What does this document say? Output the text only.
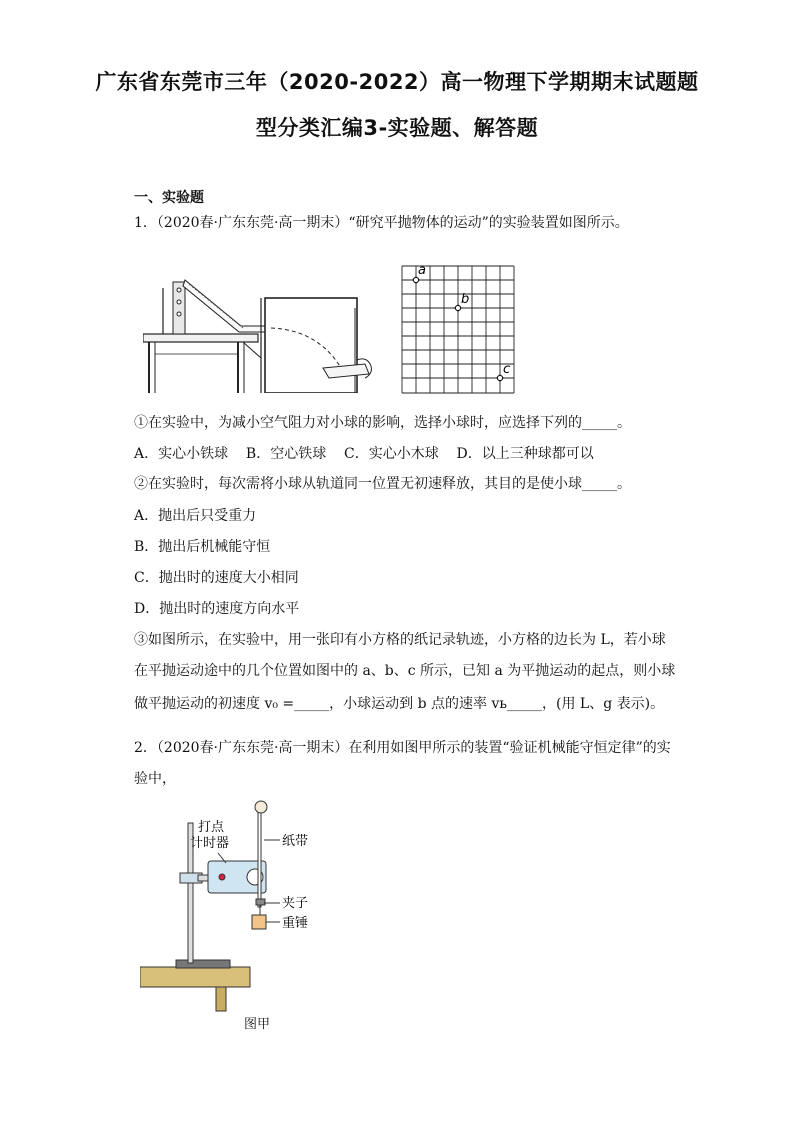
广东省东莞市三年（2020-2022）高一物理下学期期末试题题
型分类汇编3-实验题、解答题
一、实验题
1．（2020春·广东东莞·高一期末）“研究平抛物体的运动”的实验装置如图所示。
a
b
c
①在实验中，为减小空气阻力对小球的影响，选择小球时，应选择下列的_____。
A．实心小铁球    B．空心铁球    C．实心小木球    D．以上三种球都可以
②在实验时，每次需将小球从轨道同一位置无初速释放，其目的是使小球_____。
A．抛出后只受重力
B．抛出后机械能守恒
C．抛出时的速度大小相同
D．抛出时的速度方向水平
③如图所示，在实验中，用一张印有小方格的纸记录轨迹，小方格的边长为 L，若小球
在平抛运动途中的几个位置如图中的 a、b、c 所示，已知 a 为平抛运动的起点，则小球
做平抛运动的初速度 v₀ =_____，小球运动到 b 点的速率 vь_____，(用 L、g 表示)。
2．（2020春·广东东莞·高一期末）在利用如图甲所示的装置“验证机械能守恒定律”的实
验中，
打点
计时器	纸带
夹子
重锤
图甲
